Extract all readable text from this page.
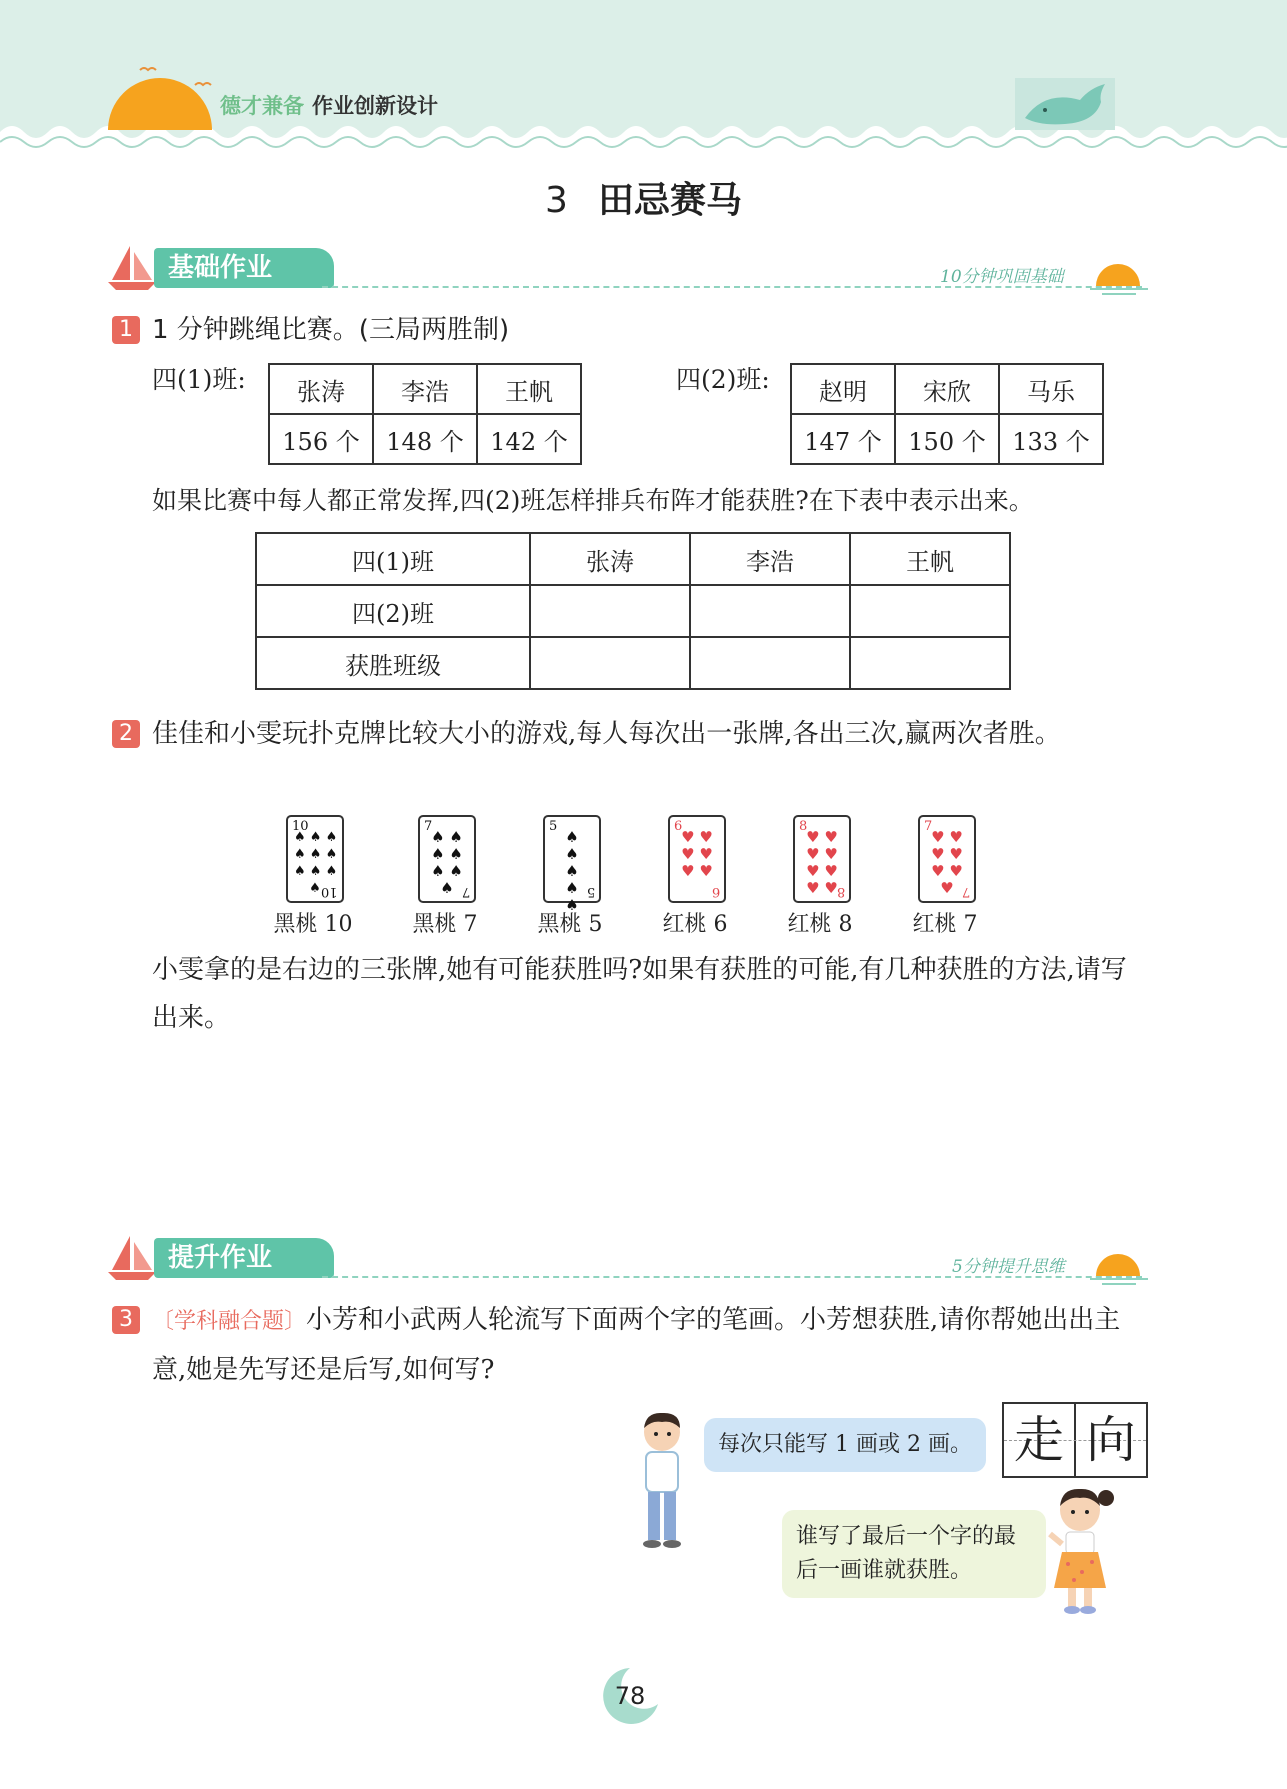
德才兼备 作业创新设计
3 田忌赛马
基础作业	10分钟巩固基础
1 1 分钟跳绳比赛。(三局两胜制)
四(1)班: 张涛	李浩	王帆
156 个	148 个	142 个
四(2)班: 赵明	宋欣	马乐
147 个	150 个	133 个
如果比赛中每人都正常发挥,四(2)班怎样排兵布阵才能获胜?在下表中表示出来。
四(1)班	张涛	李浩	王帆
四(2)班			
获胜班级			
2 佳佳和小雯玩扑克牌比较大小的游戏,每人每次出一张牌,各出三次,赢两次者胜。
10
10
♠ ♠ ♠
♠ ♠ ♠
♠ ♠ ♠
♠
黑桃 10
7
7
♠ ♠
♠ ♠
♠ ♠
♠
黑桃 7
5
5
♠
♠
♠
♠
♠
黑桃 5
6
6
♥ ♥
♥ ♥
♥ ♥
红桃 6
8
8
♥ ♥
♥ ♥
♥ ♥
♥ ♥
红桃 8
7
7
♥ ♥
♥ ♥
♥ ♥
♥
红桃 7
小雯拿的是右边的三张牌,她有可能获胜吗?如果有获胜的可能,有几种获胜的方法,请写出来。
提升作业	5分钟提升思维
3 〔学科融合题〕小芳和小武两人轮流写下面两个字的笔画。小芳想获胜,请你帮她出出主意,她是先写还是后写,如何写?
每次只能写 1 画或 2 画。 走 向
谁写了最后一个字的最后一画谁就获胜。
78
